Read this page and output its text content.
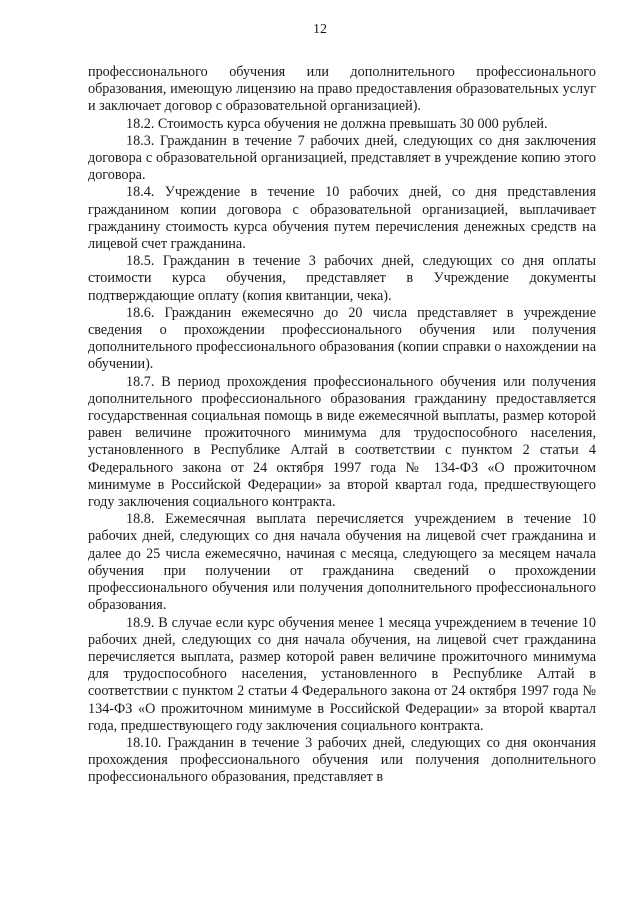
12

профессионального обучения или дополнительного профессионального образования, имеющую лицензию на право предоставления образовательных услуг и заключает договор с образовательной организацией).

18.2. Стоимость курса обучения не должна превышать 30 000 рублей.

18.3. Гражданин в течение 7 рабочих дней, следующих со дня заключения договора с образовательной организацией, представляет в учреждение копию этого договора.

18.4. Учреждение в течение 10 рабочих дней, со дня представления гражданином копии договора с образовательной организацией, выплачивает гражданину стоимость курса обучения путем перечисления денежных средств на лицевой счет гражданина.

18.5. Гражданин в течение 3 рабочих дней, следующих со дня оплаты стоимости курса обучения, представляет в Учреждение документы подтверждающие оплату (копия квитанции, чека).

18.6. Гражданин ежемесячно до 20 числа представляет в учреждение сведения о прохождении профессионального обучения или получения дополнительного профессионального образования (копии справки о нахождении на обучении).

18.7. В период прохождения профессионального обучения или получения дополнительного профессионального образования гражданину предоставляется государственная социальная помощь в виде ежемесячной выплаты, размер которой равен величине прожиточного минимума для трудоспособного населения, установленного в Республике Алтай в соответствии с пунктом 2 статьи 4 Федерального закона от 24 октября 1997 года № 134-ФЗ «О прожиточном минимуме в Российской Федерации» за второй квартал года, предшествующего году заключения социального контракта.

18.8. Ежемесячная выплата перечисляется учреждением в течение 10 рабочих дней, следующих со дня начала обучения на лицевой счет гражданина и далее до 25 числа ежемесячно, начиная с месяца, следующего за месяцем начала обучения при получении от гражданина сведений о прохождении профессионального обучения или получения дополнительного профессионального образования.

18.9. В случае если курс обучения менее 1 месяца учреждением в течение 10 рабочих дней, следующих со дня начала обучения, на лицевой счет гражданина перечисляется выплата, размер которой равен величине прожиточного минимума для трудоспособного населения, установленного в Республике Алтай в соответствии с пунктом 2 статьи 4 Федерального закона от 24 октября 1997 года № 134-ФЗ «О прожиточном минимуме в Российской Федерации» за второй квартал года, предшествующего году заключения социального контракта.

18.10. Гражданин в течение 3 рабочих дней, следующих со дня окончания прохождения профессионального обучения или получения дополнительного профессионального образования, представляет в
